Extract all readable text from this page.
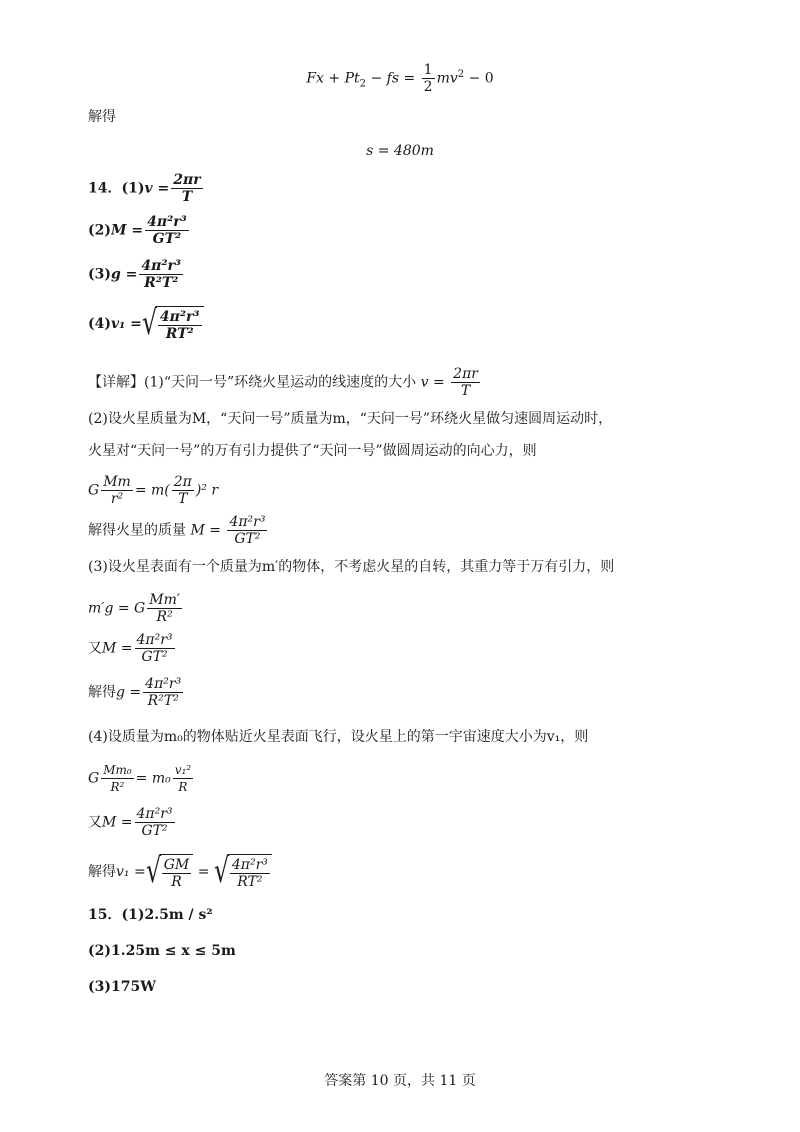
$Fx + Pt_2$ − fs = $\frac{1}{2} mv^2 - 0$
解得
s = 480m
14．$(1)v = \frac{2\pi r}{T}$
$(2)M = \frac{\text{4π²r³}}{\text{GT²}}$
$(3)g = \frac{\text{4π²r³}}{\text{R²T²}}$
(4)v₁ = √ $\frac{\text{4π²r³}}{\text{RT²}}$
【详解】(1)“天问一号”环绕火星运动的线速度的大小 $v = \frac{2\pi r}{T}$
(2)设火星质量为M，“天问一号”质量为m，“天问一号”环绕火星做匀速圆周运动时，
火星对“天问一号”的万有引力提供了“天问一号”做圆周运动的向心力，则
G $\frac{Mm}{\text{r²}} = m( \frac{2\pi}{T} )^2$ r
解得火星的质量 $M = \frac{\text{4π²r³}}{\text{GT²}}$
(3)设火星表面有一个质量为m′的物体，不考虑火星的自转，其重力等于万有引力，则
m′g = G $\frac{Mm'}{\text{R²}}$
又$M = \frac{\text{4π²r³}}{\text{GT²}}$
解得$g = \frac{\text{4π²r³}}{\text{R²T²}}$
(4)设质量为m₀的物体贴近火星表面飞行，设火星上的第一宇宙速度大小为v₁，则
G $\frac{\text{Mm₀}}{\text{R²}} = m_0 \frac{\text{v₁²}}{R}$
又$M = \frac{\text{4π²r³}}{\text{GT²}}$
解得v₁ = √ $\frac{GM}{R}$ = √ $\frac{\text{4π²r³}}{\text{RT²}}$
15．(1)2.5m / s²
(2)1.25m ≤ x ≤ 5m
(3)175W
答案第 10 页，共 11 页
